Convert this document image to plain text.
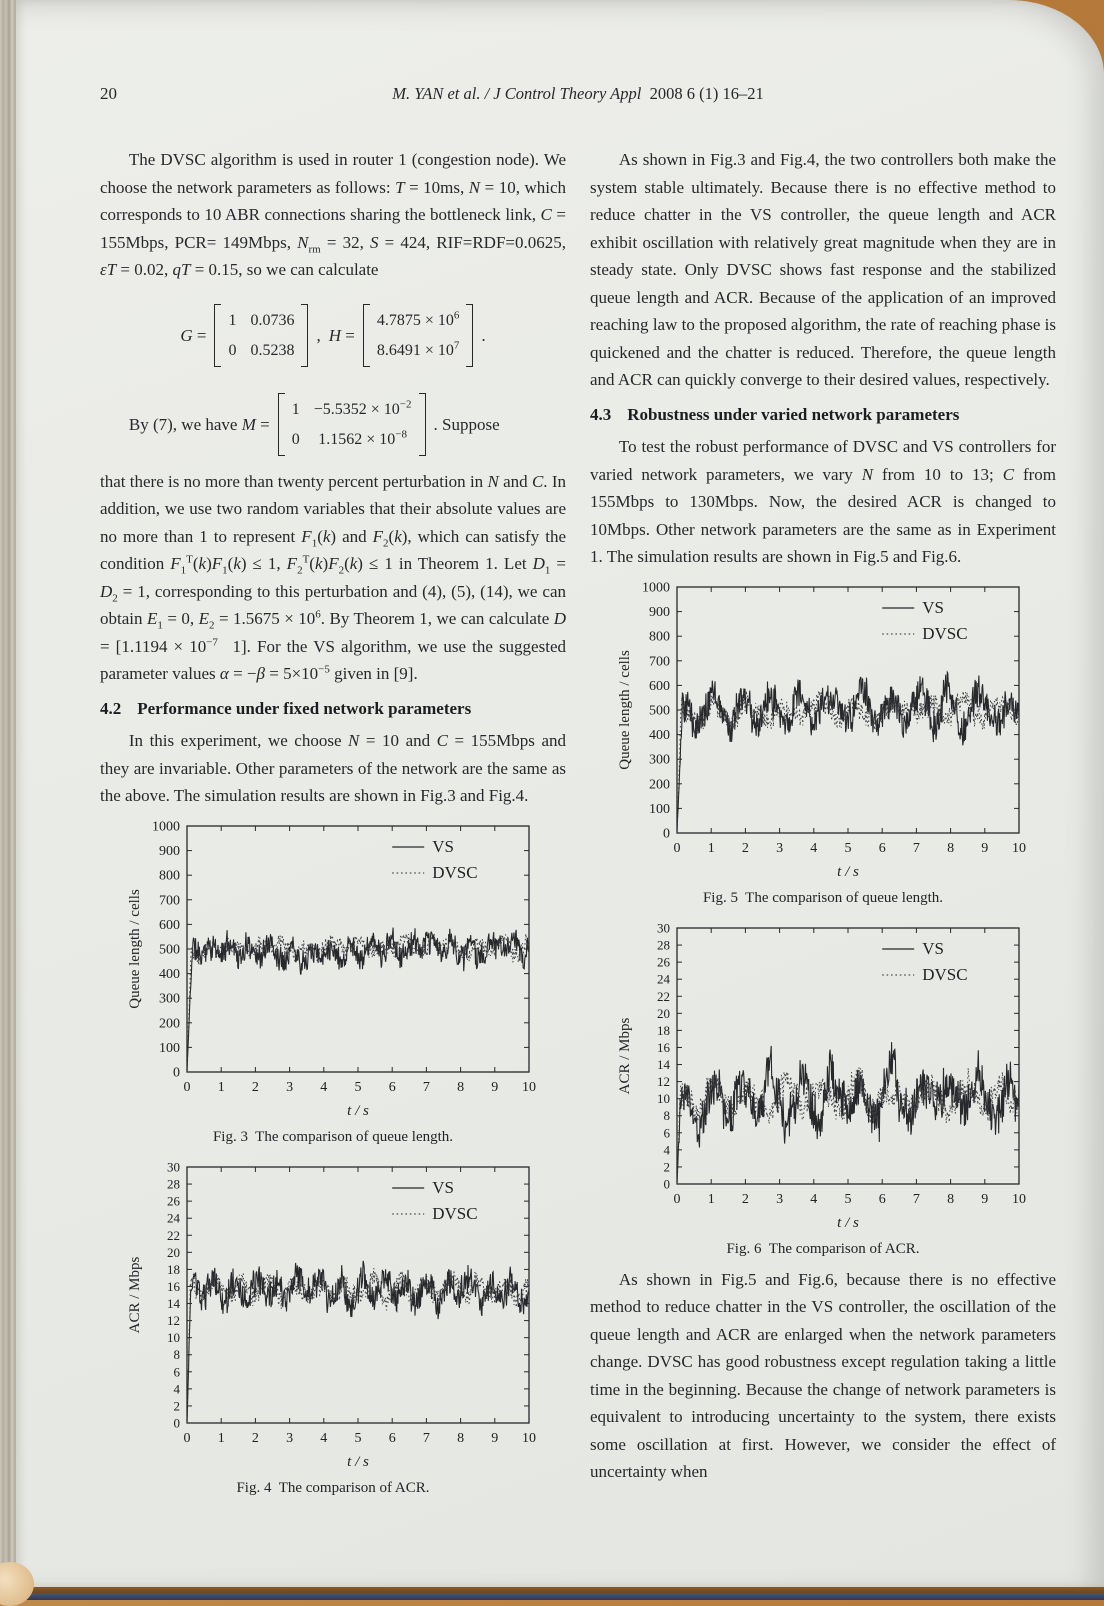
20	M. YAN et al. / J Control Theory Appl 2008 6 (1) 16–21

The DVSC algorithm is used in router 1 (congestion node). We choose the network parameters as follows: T = 10ms, N = 10, which corresponds to 10 ABR connections sharing the bottleneck link, C = 155Mbps, PCR= 149Mbps, $N_{rm} = 32$, S = 424, RIF=RDF=0.0625, εT = 0.02, qT = 0.15, so we can calculate

G =
1 0.0736
0 0.5238
, H =
$4.7875 \times 10^6$
$8.6491 \times 10^7$
.
By (7), we have M =
$1 -5.5352 \times 10^{-2}$
0 $1.1562 \times 10^{-8}$
. Suppose

that there is no more than twenty percent perturbation in N and C. In addition, we use two random variables that their absolute values are no more than 1 to represent $F_1(k)$ and $F_2(k)$, which can satisfy the condition $F_1^T(k)F_1(k) \le 1$, $F_2^T(k)F_2(k) \le 1$ in Theorem 1. Let $D_1 = D_2 = 1$, corresponding to this perturbation and (4), (5), (14), we can obtain $E_1 = 0$, $E_2 = 1.5675 \times 10^6$. By Theorem 1, we can calculate $D = [1.1194 \times 10^{-7}$  1]. For the VS algorithm, we use the suggested parameter values $\alpha = -\beta = 5\times 10^{-5}$ given in [9].

4.2 Performance under fixed network parameters

In this experiment, we choose N = 10 and C = 155Mbps and they are invariable. Other parameters of the network are the same as the above. The simulation results are shown in Fig.3 and Fig.4.

0
100
200
300
400
500
600
700
800
900
1000
0 1 2 3 4 5 6 7 8 9 10
t / s
Queue length / cells
VS
DVSC
Fig. 3  The comparison of queue length.
0
2
4
6
8
10
12
14
16
18
20
22
24
26
28
30
0 1 2 3 4 5 6 7 8 9 10
t / s
ACR / Mbps
VS
DVSC
Fig. 4  The comparison of ACR.

As shown in Fig.3 and Fig.4, the two controllers both make the system stable ultimately. Because there is no effective method to reduce chatter in the VS controller, the queue length and ACR exhibit oscillation with relatively great magnitude when they are in steady state. Only DVSC shows fast response and the stabilized queue length and ACR. Because of the application of an improved reaching law to the proposed algorithm, the rate of reaching phase is quickened and the chatter is reduced. Therefore, the queue length and ACR can quickly converge to their desired values, respectively.

4.3 Robustness under varied network parameters

To test the robust performance of DVSC and VS controllers for varied network parameters, we vary N from 10 to 13; C from 155Mbps to 130Mbps. Now, the desired ACR is changed to 10Mbps. Other network parameters are the same as in Experiment 1. The simulation results are shown in Fig.5 and Fig.6.

0
100
200
300
400
500
600
700
800
900
1000
0 1 2 3 4 5 6 7 8 9 10
t / s
Queue length / cells
VS
DVSC
Fig. 5  The comparison of queue length.
0
2
4
6
8
10
12
14
16
18
20
22
24
26
28
30
0 1 2 3 4 5 6 7 8 9 10
t / s
ACR / Mbps
VS
DVSC
Fig. 6  The comparison of ACR.

As shown in Fig.5 and Fig.6, because there is no effective method to reduce chatter in the VS controller, the oscillation of the queue length and ACR are enlarged when the network parameters change. DVSC has good robustness except regulation taking a little time in the beginning. Because the change of network parameters is equivalent to introducing uncertainty to the system, there exists some oscillation at first. However, we consider the effect of uncertainty when
